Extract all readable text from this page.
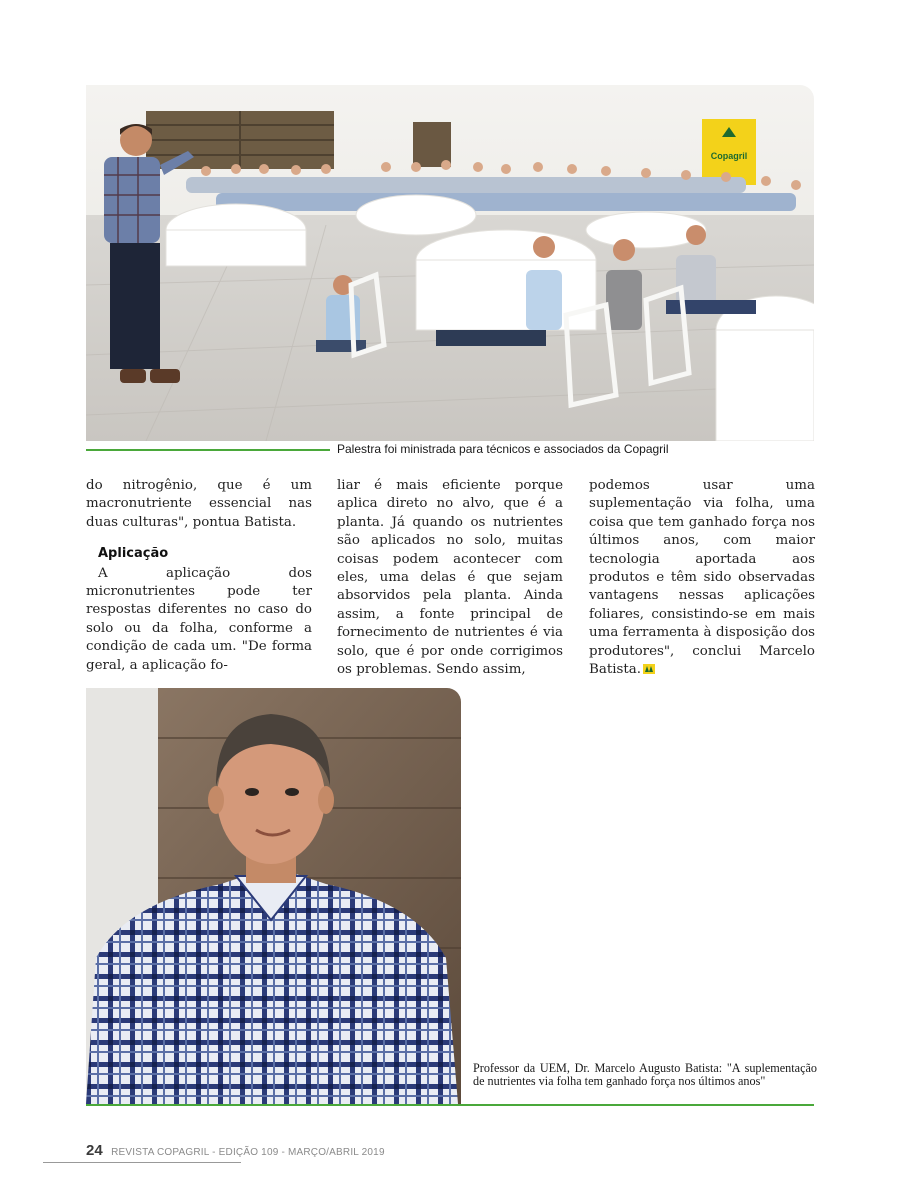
Copagril
Palestra foi ministrada para técnicos e associados da Copagril

do nitrogênio, que é um macronutriente essencial nas duas culturas", pontua Batista.

Aplicação

A aplicação dos micronutrientes pode ter respostas diferentes no caso do solo ou da folha, conforme a condição de cada um. "De forma geral, a aplicação fo-

liar é mais eficiente porque aplica direto no alvo, que é a planta. Já quando os nutrientes são aplicados no solo, muitas coisas podem acontecer com eles, uma delas é que sejam absorvidos pela planta. Ainda assim, a fonte principal de fornecimento de nutrientes é via solo, que é por onde corrigimos os problemas. Sendo assim,

podemos usar uma suplementação via folha, uma coisa que tem ganhado força nos últimos anos, com maior tecnologia aportada aos produtos e têm sido observadas vantagens nessas aplicações foliares, consistindo-se em mais uma ferramenta à disposição dos produtores", conclui Marcelo Batista.

Professor da UEM, Dr. Marcelo Augusto Batista: "A suplementação de nutrientes via folha tem ganhado força nos últimos anos"
24 REVISTA COPAGRIL - EDIÇÃO 109 - MARÇO/ABRIL 2019
